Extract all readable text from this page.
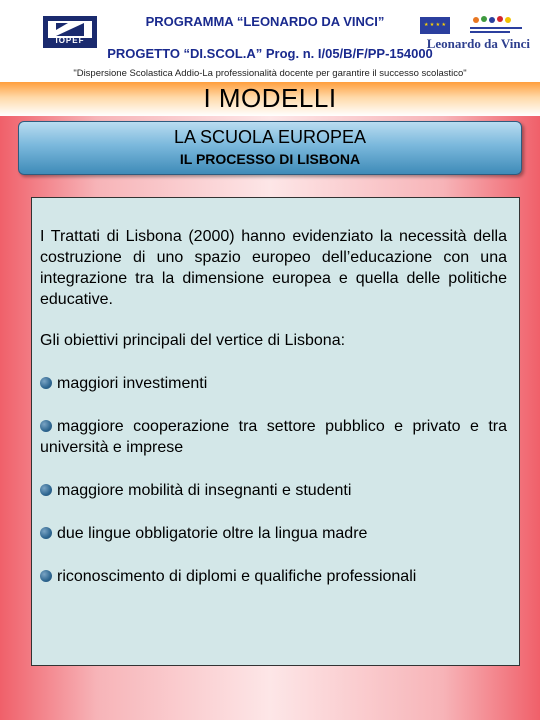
IOPEF
PROGRAMMA “LEONARDO DA VINCI”	★ ★ ★ ★
Leonardo da Vinci
PROGETTO “DI.SCOL.A” Prog. n. I/05/B/F/PP-154000
"Dispersione Scolastica Addio-La professionalità docente per garantire il successo scolastico"
I MODELLI
LA SCUOLA EUROPEA
IL PROCESSO DI LISBONA

I Trattati di Lisbona (2000) hanno evidenziato la necessità della costruzione di uno spazio europeo dell’educazione con una integrazione tra la dimensione europea e quella delle politiche educative.

Gli obiettivi principali del vertice di Lisbona:

maggiori investimenti
maggiore cooperazione tra settore pubblico e privato e tra università e imprese
maggiore mobilità di insegnanti e studenti
due lingue obbligatorie oltre la lingua madre
riconoscimento di diplomi e qualifiche professionali
